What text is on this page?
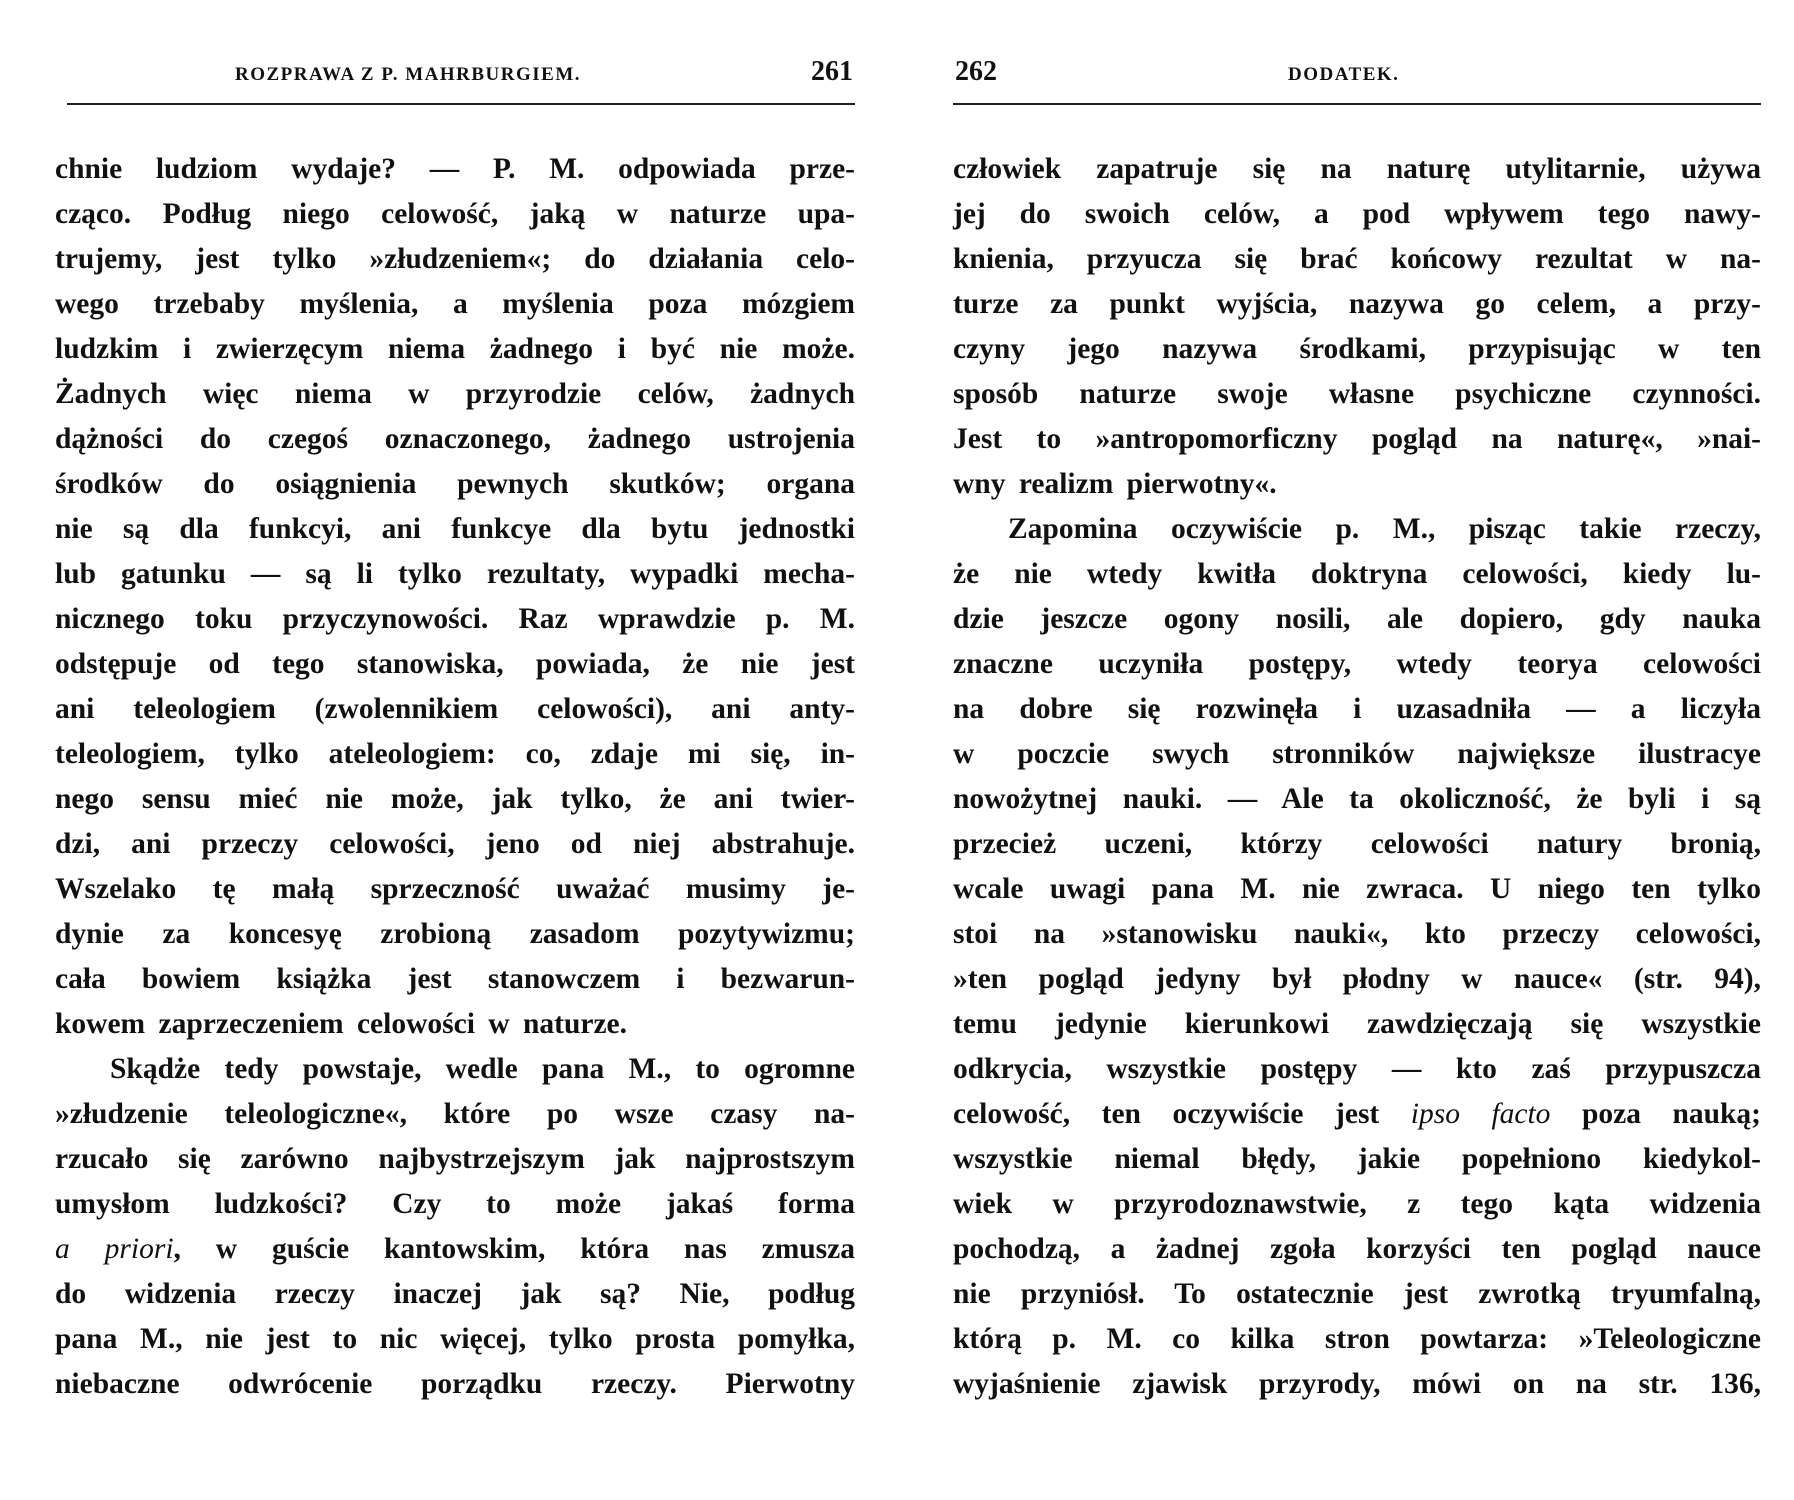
ROZPRAWA Z P. MAHRBURGIEM.	261
chnie ludziom wydaje? — P. M. odpowiada prze-
cząco. Podług niego celowość, jaką w naturze upa-
trujemy, jest tylko »złudzeniem«; do działania celo-
wego trzebaby myślenia, a myślenia poza mózgiem
ludzkim i zwierzęcym niema żadnego i być nie może.
Żadnych więc niema w przyrodzie celów, żadnych
dążności do czegoś oznaczonego, żadnego ustrojenia
środków do osiągnienia pewnych skutków; organa
nie są dla funkcyi, ani funkcye dla bytu jednostki
lub gatunku — są li tylko rezultaty, wypadki mecha-
nicznego toku przyczynowości. Raz wprawdzie p. M.
odstępuje od tego stanowiska, powiada, że nie jest
ani teleologiem (zwolennikiem celowości), ani anty-
teleologiem, tylko ateleologiem: co, zdaje mi się, in-
nego sensu mieć nie może, jak tylko, że ani twier-
dzi, ani przeczy celowości, jeno od niej abstrahuje.
Wszelako tę małą sprzeczność uważać musimy je-
dynie za koncesyę zrobioną zasadom pozytywizmu;
cała bowiem książka jest stanowczem i bezwarun-
kowem zaprzeczeniem celowości w naturze.
Skądże tedy powstaje, wedle pana M., to ogromne
»złudzenie teleologiczne«, które po wsze czasy na-
rzucało się zarówno najbystrzejszym jak najprostszym
umysłom ludzkości? Czy to może jakaś forma
a priori, w guście kantowskim, która nas zmusza
do widzenia rzeczy inaczej jak są? Nie, podług
pana M., nie jest to nic więcej, tylko prosta pomyłka,
niebaczne odwrócenie porządku rzeczy. Pierwotny
262	DODATEK.
człowiek zapatruje się na naturę utylitarnie, używa
jej do swoich celów, a pod wpływem tego nawy-
knienia, przyucza się brać końcowy rezultat w na-
turze za punkt wyjścia, nazywa go celem, a przy-
czyny jego nazywa środkami, przypisując w ten
sposób naturze swoje własne psychiczne czynności.
Jest to »antropomorficzny pogląd na naturę«, »nai-
wny realizm pierwotny«.
Zapomina oczywiście p. M., pisząc takie rzeczy,
że nie wtedy kwitła doktryna celowości, kiedy lu-
dzie jeszcze ogony nosili, ale dopiero, gdy nauka
znaczne uczyniła postępy, wtedy teorya celowości
na dobre się rozwinęła i uzasadniła — a liczyła
w poczcie swych stronników największe ilustracye
nowożytnej nauki. — Ale ta okoliczność, że byli i są
przecież uczeni, którzy celowości natury bronią,
wcale uwagi pana M. nie zwraca. U niego ten tylko
stoi na »stanowisku nauki«, kto przeczy celowości,
»ten pogląd jedyny był płodny w nauce« (str. 94),
temu jedynie kierunkowi zawdzięczają się wszystkie
odkrycia, wszystkie postępy — kto zaś przypuszcza
celowość, ten oczywiście jest ipso facto poza nauką;
wszystkie niemal błędy, jakie popełniono kiedykol-
wiek w przyrodoznawstwie, z tego kąta widzenia
pochodzą, a żadnej zgoła korzyści ten pogląd nauce
nie przyniósł. To ostatecznie jest zwrotką tryumfalną,
którą p. M. co kilka stron powtarza: »Teleologiczne
wyjaśnienie zjawisk przyrody, mówi on na str. 136,
